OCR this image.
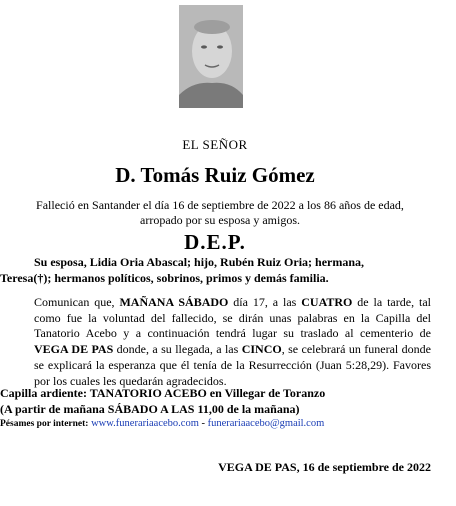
EL SEÑOR
D. Tomás Ruiz Gómez
Falleció en Santander el día 16 de septiembre de 2022 a los 86 años de edad,
arropado por su esposa y amigos.
D.E.P.
Su esposa, Lidia Oria Abascal; hijo, Rubén Ruiz Oria; hermana,
Teresa(†); hermanos políticos, sobrinos, primos y demás familia.
Comunican que, MAÑANA SÁBADO día 17, a las CUATRO de la tarde, tal como fue la voluntad del fallecido, se dirán unas palabras en la Capilla del Tanatorio Acebo y a continuación tendrá lugar su traslado al cementerio de VEGA DE PAS donde, a su llegada, a las CINCO, se celebrará un funeral donde se explicará la esperanza que él tenía de la Resurrección (Juan 5:28,29). Favores por los cuales les quedarán agradecidos.
Capilla ardiente: TANATORIO ACEBO en Villegar de Toranzo
(A partir de mañana SÁBADO A LAS 11,00 de la mañana)
Pésames por internet: www.funerariaacebo.com - funerariaacebo@gmail.com
VEGA DE PAS, 16 de septiembre de 2022
